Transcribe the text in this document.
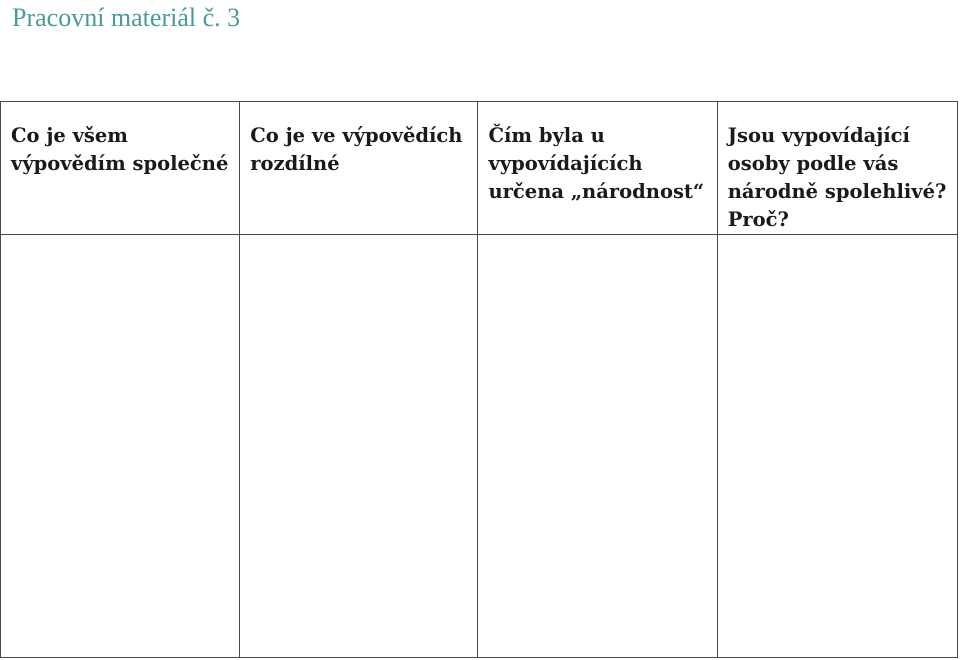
Pracovní materiál č. 3
Co je všem výpovědím společné	Co je ve výpovědích rozdílné	Čím byla u vypovídajících určena „národnost“	Jsou vypovídající osoby podle vás národně spolehlivé? Proč?
